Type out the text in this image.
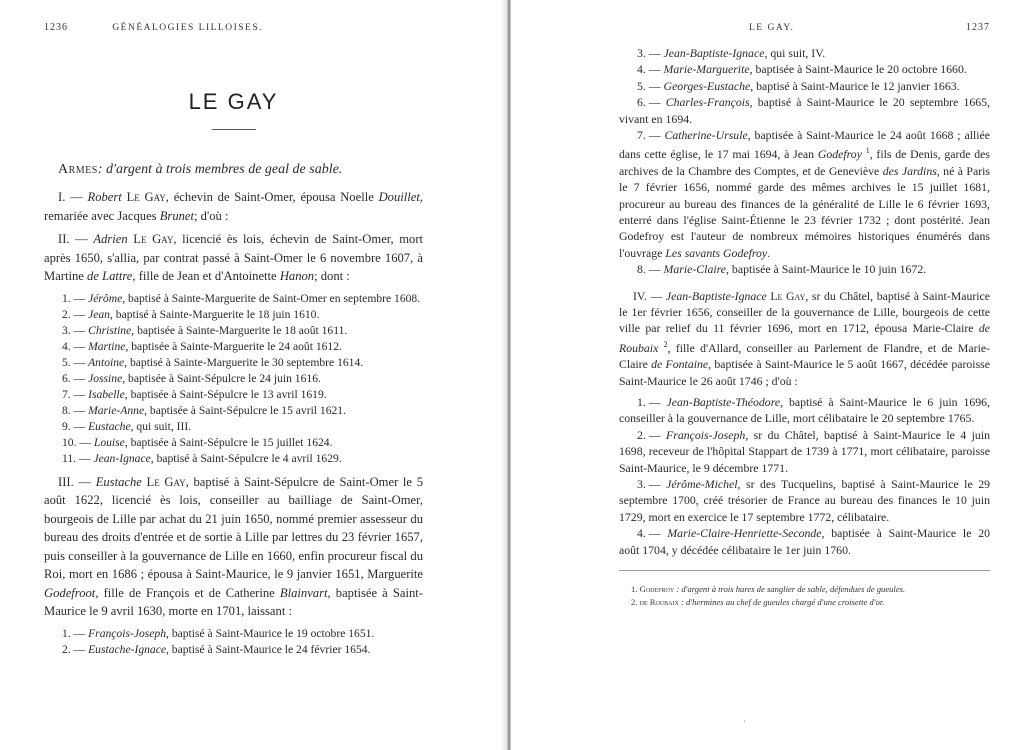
1236	GÉNÉALOGIES LILLOISES.
LE GAY

Armes: d'argent à trois membres de geal de sable.

I. — Robert Le Gay, échevin de Saint-Omer, épousa Noelle Douillet, remariée avec Jacques Brunet; d'où :

II. — Adrien Le Gay, licencié ès lois, échevin de Saint-Omer, mort après 1650, s'allia, par contrat passé à Saint-Omer le 6 novembre 1607, à Martine de Lattre, fille de Jean et d'Antoinette Hanon; dont :

1. — Jérôme, baptisé à Sainte-Marguerite de Saint-Omer en septembre 1608.

2. — Jean, baptisé à Sainte-Marguerite le 18 juin 1610.

3. — Christine, baptisée à Sainte-Marguerite le 18 août 1611.

4. — Martine, baptisée à Sainte-Marguerite le 24 août 1612.

5. — Antoine, baptisé à Sainte-Marguerite le 30 septembre 1614.

6. — Jossine, baptisée à Saint-Sépulcre le 24 juin 1616.

7. — Isabelle, baptisée à Saint-Sépulcre le 13 avril 1619.

8. — Marie-Anne, baptisée à Saint-Sépulcre le 15 avril 1621.

9. — Eustache, qui suit, III.

10. — Louise, baptisée à Saint-Sépulcre le 15 juillet 1624.

11. — Jean-Ignace, baptisé à Saint-Sépulcre le 4 avril 1629.

III. — Eustache Le Gay, baptisé à Saint-Sépulcre de Saint-Omer le 5 août 1622, licencié ès lois, conseiller au bailliage de Saint-Omer, bourgeois de Lille par achat du 21 juin 1650, nommé premier assesseur du bureau des droits d'entrée et de sortie à Lille par lettres du 23 février 1657, puis conseiller à la gouvernance de Lille en 1660, enfin procureur fiscal du Roi, mort en 1686 ; épousa à Saint-Maurice, le 9 janvier 1651, Marguerite Godefroot, fille de François et de Catherine Blainvart, baptisée à Saint-Maurice le 9 avril 1630, morte en 1701, laissant :

1. — François-Joseph, baptisé à Saint-Maurice le 19 octobre 1651.

2. — Eustache-Ignace, baptisé à Saint-Maurice le 24 février 1654.

LE GAY.	1237

3. — Jean-Baptiste-Ignace, qui suit, IV.

4. — Marie-Marguerite, baptisée à Saint-Maurice le 20 octobre 1660.

5. — Georges-Eustache, baptisé à Saint-Maurice le 12 janvier 1663.

6. — Charles-François, baptisé à Saint-Maurice le 20 septembre 1665, vivant en 1694.

7. — Catherine-Ursule, baptisée à Saint-Maurice le 24 août 1668 ; alliée dans cette église, le 17 mai 1694, à Jean Godefroy $^1$, fils de Denis, garde des archives de la Chambre des Comptes, et de Geneviève des Jardins, né à Paris le 7 février 1656, nommé garde des mêmes archives le 15 juillet 1681, procureur au bureau des finances de la généralité de Lille le 6 février 1693, enterré dans l'église Saint-Étienne le 23 février 1732 ; dont postérité. Jean Godefroy est l'auteur de nombreux mémoires historiques énumérés dans l'ouvrage Les savants Godefroy.

8. — Marie-Claire, baptisée à Saint-Maurice le 10 juin 1672.

IV. — Jean-Baptiste-Ignace Le Gay, sr du Châtel, baptisé à Saint-Maurice le 1er février 1656, conseiller de la gouvernance de Lille, bourgeois de cette ville par relief du 11 février 1696, mort en 1712, épousa Marie-Claire de Roubaix $^2$, fille d'Allard, conseiller au Parlement de Flandre, et de Marie-Claire de Fontaine, baptisée à Saint-Maurice le 5 août 1667, décédée paroisse Saint-Maurice le 26 août 1746 ; d'où :

1. — Jean-Baptiste-Théodore, baptisé à Saint-Maurice le 6 juin 1696, conseiller à la gouvernance de Lille, mort célibataire le 20 septembre 1765.

2. — François-Joseph, sr du Châtel, baptisé à Saint-Maurice le 4 juin 1698, receveur de l'hôpital Stappart de 1739 à 1771, mort célibataire, paroisse Saint-Maurice, le 9 décembre 1771.

3. — Jérôme-Michel, sr des Tucquelins, baptisé à Saint-Maurice le 29 septembre 1700, créé trésorier de France au bureau des finances le 10 juin 1729, mort en exercice le 17 septembre 1772, célibataire.

4. — Marie-Claire-Henriette-Seconde, baptisée à Saint-Maurice le 20 août 1704, y décédée célibataire le 1er juin 1760.

1. Godefroy : d'argent à trois hures de sanglier de sable, défendues de gueules.

2. de Roubaix : d'hermines au chef de gueules chargé d'une croisette d'or.

'
